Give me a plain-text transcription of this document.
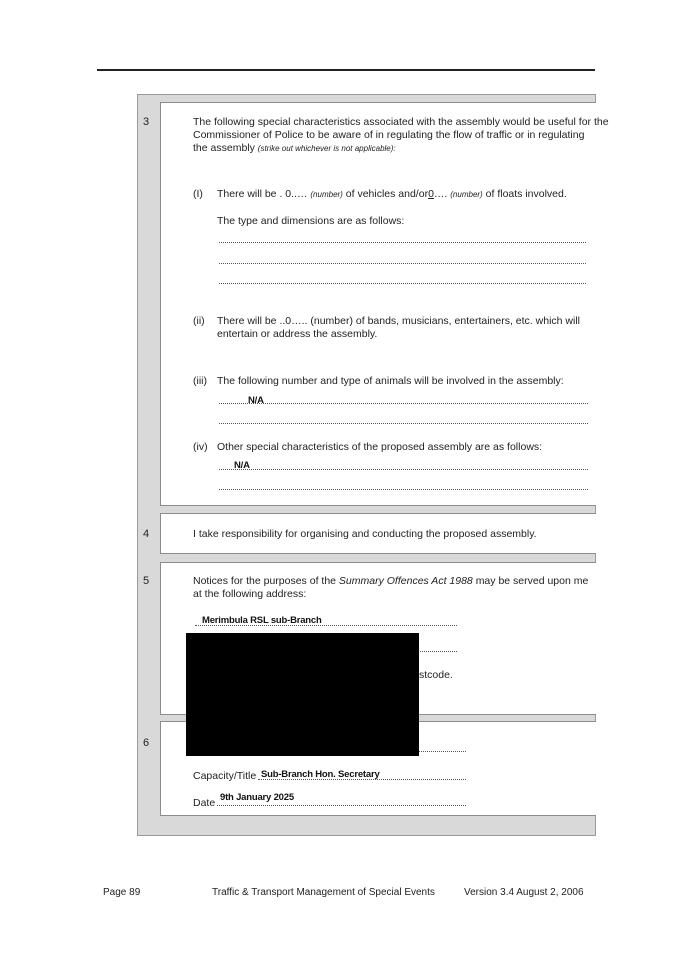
3	The following special characteristics associated with the assembly would be useful for the
Commissioner of Police to be aware of in regulating the flow of traffic or in regulating
the assembly (strike out whichever is not applicable):
(I) There will be . 0..… (number) of vehicles and/or0…. (number) of floats involved.
The type and dimensions are as follows:
(ii) There will be ..0….. (number) of bands, musicians, entertainers, etc. which will
entertain or address the assembly.
(iii) The following number and type of animals will be involved in the assembly:
N/A
(iv) Other special characteristics of the proposed assembly are as follows:
N/A
4	I take responsibility for organising and conducting the proposed assembly.
5	Notices for the purposes of the Summary Offences Act 1988 may be served upon me
at the following address:
Merimbula RSL sub-Branch
stcode.
6
Capacity/Title Sub-Branch Hon. Secretary
Date 9th January 2025
Page 89	Traffic & Transport Management of Special Events	Version 3.4 August 2, 2006
